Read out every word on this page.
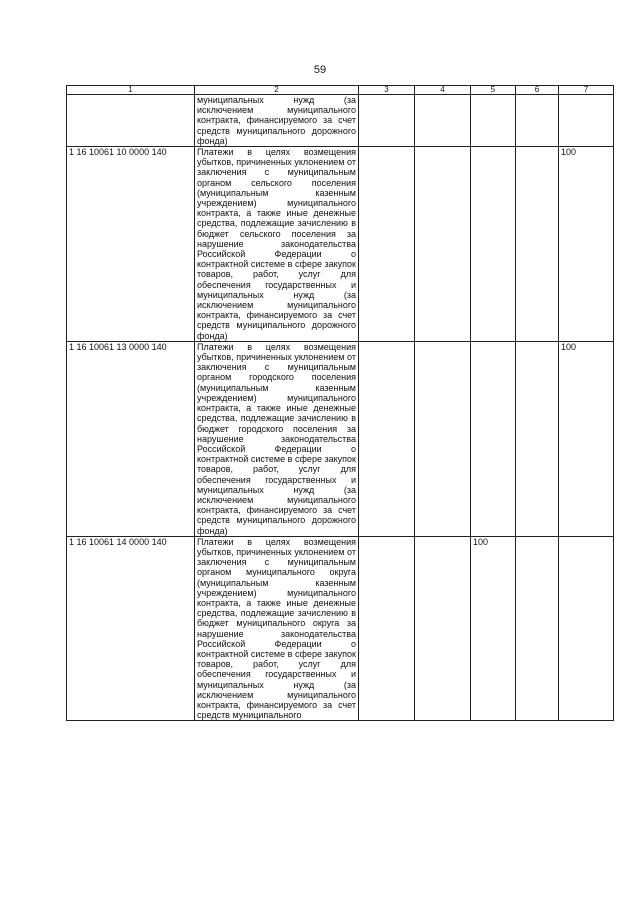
59
1	2	3	4	5	6	7
	муниципальных нужд (за исключением муниципального контракта, финансируемого за счет средств муниципального дорожного фонда)					
1 16 10061 10 0000 140	Платежи в целях возмещения убытков, причиненных уклонением от заключения с муниципальным органом сельского поселения (муниципальным казенным учреждением) муниципального контракта, а также иные денежные средства, подлежащие зачислению в бюджет сельского поселения за нарушение законодательства Российской Федерации о контрактной системе в сфере закупок товаров, работ, услуг для обеспечения государственных и муниципальных нужд (за исключением муниципального контракта, финансируемого за счет средств муниципального дорожного фонда)					100
1 16 10061 13 0000 140	Платежи в целях возмещения убытков, причиненных уклонением от заключения с муниципальным органом городского поселения (муниципальным казенным учреждением) муниципального контракта, а также иные денежные средства, подлежащие зачислению в бюджет городского поселения за нарушение законодательства Российской Федерации о контрактной системе в сфере закупок товаров, работ, услуг для обеспечения государственных и муниципальных нужд (за исключением муниципального контракта, финансируемого за счет средств муниципального дорожного фонда)					100
1 16 10061 14 0000 140	Платежи в целях возмещения убытков, причиненных уклонением от заключения с муниципальным органом муниципального округа (муниципальным казенным учреждением) муниципального контракта, а также иные денежные средства, подлежащие зачислению в бюджет муниципального округа за нарушение законодательства Российской Федерации о контрактной системе в сфере закупок товаров, работ, услуг для обеспечения государственных и муниципальных нужд (за исключением муниципального контракта, финансируемого за счет средств муниципального			100		
